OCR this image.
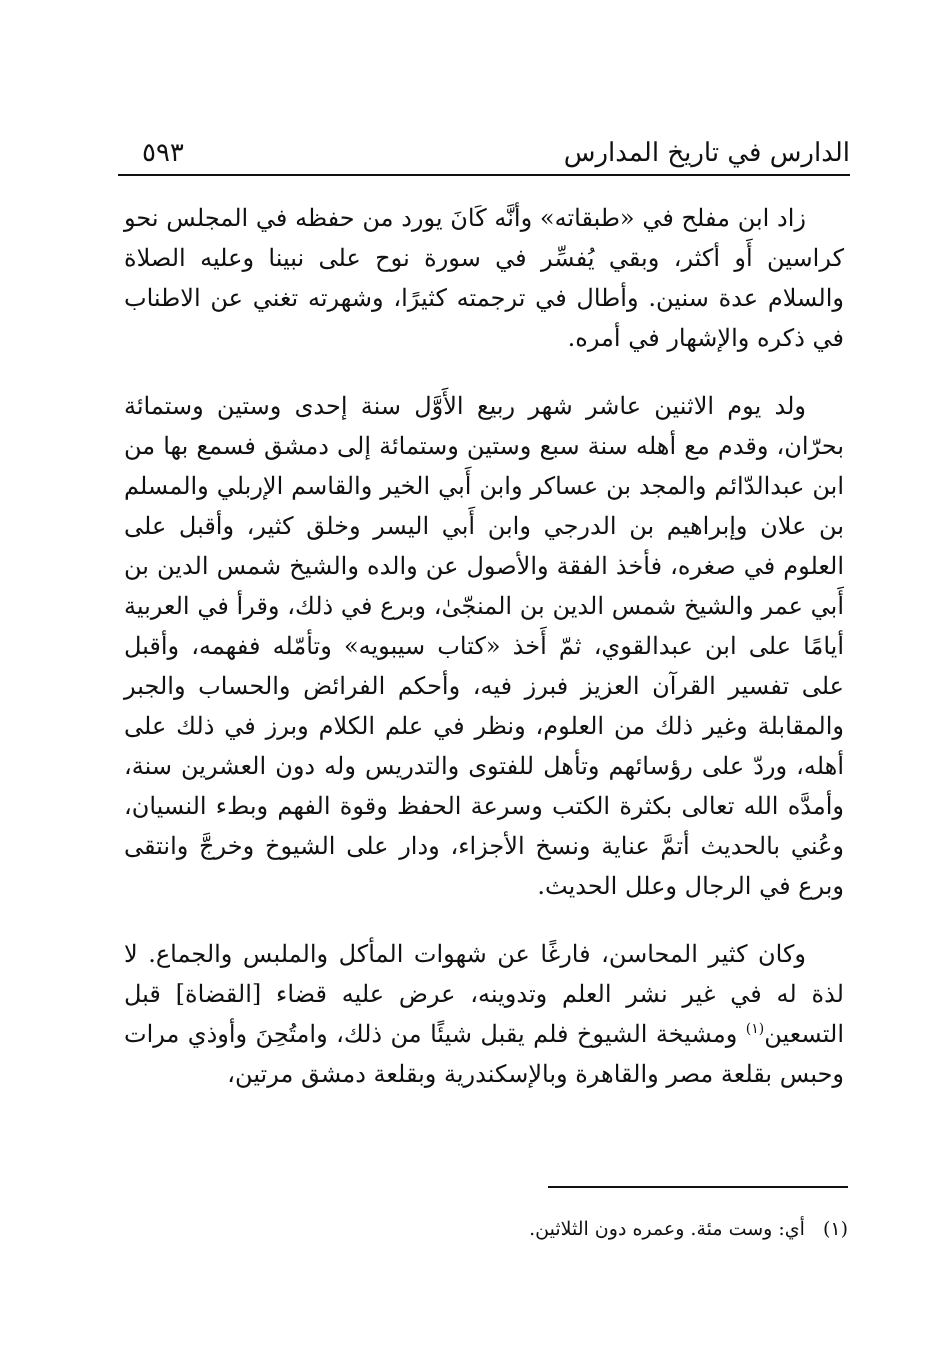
الدارس في تاريخ المدارس
٥٩٣

زاد ابن مفلح في «طبقاته» وأنَّه كَانَ يورد من حفظه في المجلس نحو كراسين أَو أكثر، وبقي يُفسِّر في سورة نوح على نبينا وعليه الصلاة والسلام عدة سنين. وأطال في ترجمته كثيرًا، وشهرته تغني عن الاطناب في ذكره والإشهار في أمره.

ولد يوم الاثنين عاشر شهر ربيع الأَوَّل سنة إحدى وستين وستمائة بحرّان، وقدم مع أهله سنة سبع وستين وستمائة إلى دمشق فسمع بها من ابن عبدالدّائم والمجد بن عساكر وابن أَبي الخير والقاسم الإربلي والمسلم بن علان وإبراهيم بن الدرجي وابن أَبي اليسر وخلق كثير، وأقبل على العلوم في صغره، فأخذ الفقة والأصول عن والده والشيخ شمس الدين بن أَبي عمر والشيخ شمس الدين بن المنجّىٰ، وبرع في ذلك، وقرأ في العربية أيامًا على ابن عبدالقوي، ثمّ أَخذ «كتاب سيبويه» وتأمّله ففهمه، وأقبل على تفسير القرآن العزيز فبرز فيه، وأحكم الفرائض والحساب والجبر والمقابلة وغير ذلك من العلوم، ونظر في علم الكلام وبرز في ذلك على أهله، وردّ على رؤسائهم وتأهل للفتوى والتدريس وله دون العشرين سنة، وأمدَّه الله تعالى بكثرة الكتب وسرعة الحفظ وقوة الفهم وبطء النسيان، وعُني بالحديث أتمَّ عناية ونسخ الأجزاء، ودار على الشيوخ وخرجَّ وانتقى وبرع في الرجال وعلل الحديث.

وكان كثير المحاسن، فارغًا عن شهوات المأكل والملبس والجماع. لا لذة له في غير نشر العلم وتدوينه، عرض عليه قضاء [القضاة] قبل التسعين$^{(١)}$ ومشيخة الشيوخ فلم يقبل شيئًا من ذلك، وامتُحِنَ وأوذي مرات وحبس بقلعة مصر والقاهرة وبالإسكندرية وبقلعة دمشق مرتين،

(١)أي: وست مئة. وعمره دون الثلاثين.
